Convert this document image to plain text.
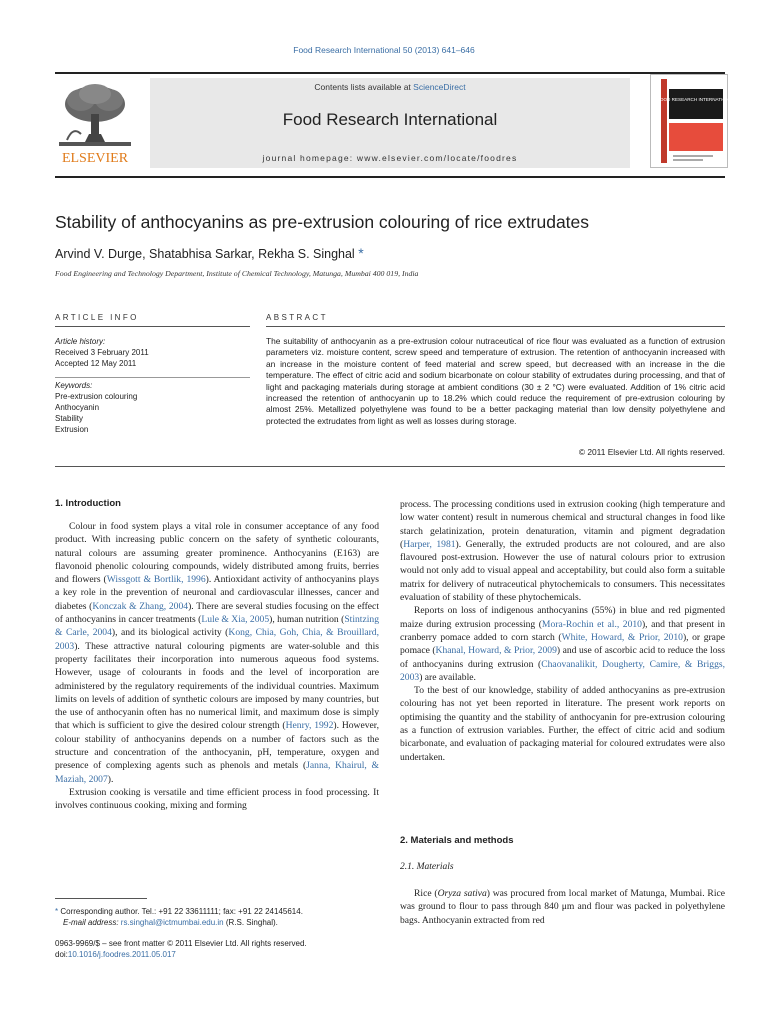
Food Research International 50 (2013) 641–646
ELSEVIER
Contents lists available at ScienceDirect
Food Research International
journal homepage: www.elsevier.com/locate/foodres
FOOD RESEARCH INTERNATIONAL
Stability of anthocyanins as pre-extrusion colouring of rice extrudates
Arvind V. Durge, Shatabhisa Sarkar, Rekha S. Singhal *
Food Engineering and Technology Department, Institute of Chemical Technology, Matunga, Mumbai 400 019, India
ARTICLE INFO	ABSTRACT
Article history:
Received 3 February 2011
Accepted 12 May 2011
Keywords:
Pre-extrusion colouring
Anthocyanin
Stability
Extrusion
The suitability of anthocyanin as a pre-extrusion colour nutraceutical of rice flour was evaluated as a function of extrusion parameters viz. moisture content, screw speed and temperature of extrusion. The retention of anthocyanin increased with an increase in the moisture content of feed material and screw speed, but decreased with an increase in the die temperature. The effect of citric acid and sodium bicarbonate on colour stability of extrudates during processing, and that of light and packaging materials during storage at ambient conditions (30 ± 2 °C) were evaluated. Addition of 1% citric acid increased the retention of anthocyanin up to 18.2% which could reduce the requirement of pre-extrusion colouring by almost 25%. Metallized polyethylene was found to be a better packaging material than low density polyethylene and protected the extrudates from light as well as losses during storage.
© 2011 Elsevier Ltd. All rights reserved.
1. Introduction

Colour in food system plays a vital role in consumer acceptance of any food product. With increasing public concern on the safety of synthetic colourants, natural colours are assuming greater prominence. Anthocyanins (E163) are flavonoid phenolic colouring compounds, widely distributed among fruits, berries and flowers (Wissgott & Bortlik, 1996). Antioxidant activity of anthocyanins plays a key role in the prevention of neuronal and cardiovascular illnesses, cancer and diabetes (Konczak & Zhang, 2004). There are several studies focusing on the effect of anthocyanins in cancer treatments (Lule & Xia, 2005), human nutrition (Stintzing & Carle, 2004), and its biological activity (Kong, Chia, Goh, Chia, & Brouillard, 2003). These attractive natural colouring pigments are water-soluble and this property facilitates their incorporation into numerous aqueous food systems. However, usage of colourants in foods and the level of incorporation are administered by the regulatory requirements of the individual countries. Maximum limits on levels of addition of synthetic colours are imposed by many countries, but the use of anthocyanin often has no numerical limit, and maximum dose is simply that which is sufficient to give the desired colour strength (Henry, 1992). However, colour stability of anthocyanins depends on a number of factors such as the structure and concentration of the anthocyanin, pH, temperature, oxygen and presence of complexing agents such as phenols and metals (Janna, Khairul, & Maziah, 2007).

Extrusion cooking is versatile and time efficient process in food processing. It involves continuous cooking, mixing and forming

* Corresponding author. Tel.: +91 22 33611111; fax: +91 22 24145614.
E-mail address: rs.singhal@ictmumbai.edu.in (R.S. Singhal).
0963-9969/$ – see front matter © 2011 Elsevier Ltd. All rights reserved.
doi:10.1016/j.foodres.2011.05.017

process. The processing conditions used in extrusion cooking (high temperature and low water content) result in numerous chemical and structural changes in food like starch gelatinization, protein denaturation, vitamin and pigment degradation (Harper, 1981). Generally, the extruded products are not coloured, and are also flavoured post-extrusion. However the use of natural colours prior to extrusion would not only add to visual appeal and acceptability, but could also form a suitable matrix for delivery of nutraceutical phytochemicals to consumers. This necessitates evaluation of stability of these phytochemicals.

Reports on loss of indigenous anthocyanins (55%) in blue and red pigmented maize during extrusion processing (Mora-Rochin et al., 2010), and that present in cranberry pomace added to corn starch (White, Howard, & Prior, 2010), or grape pomace (Khanal, Howard, & Prior, 2009) and use of ascorbic acid to reduce the loss of anthocyanins during extrusion (Chaovanalikit, Dougherty, Camire, & Briggs, 2003) are available.

To the best of our knowledge, stability of added anthocyanins as pre-extrusion colouring has not yet been reported in literature. The present work reports on optimising the quantity and the stability of anthocyanin for pre-extrusion colouring as a function of extrusion variables. Further, the effect of citric acid and sodium bicarbonate, and evaluation of packaging material for coloured extrudates were also undertaken.

2. Materials and methods
2.1. Materials

Rice (Oryza sativa) was procured from local market of Matunga, Mumbai. Rice was ground to flour to pass through 840 μm and flour was packed in polyethylene bags. Anthocyanin extracted from red
